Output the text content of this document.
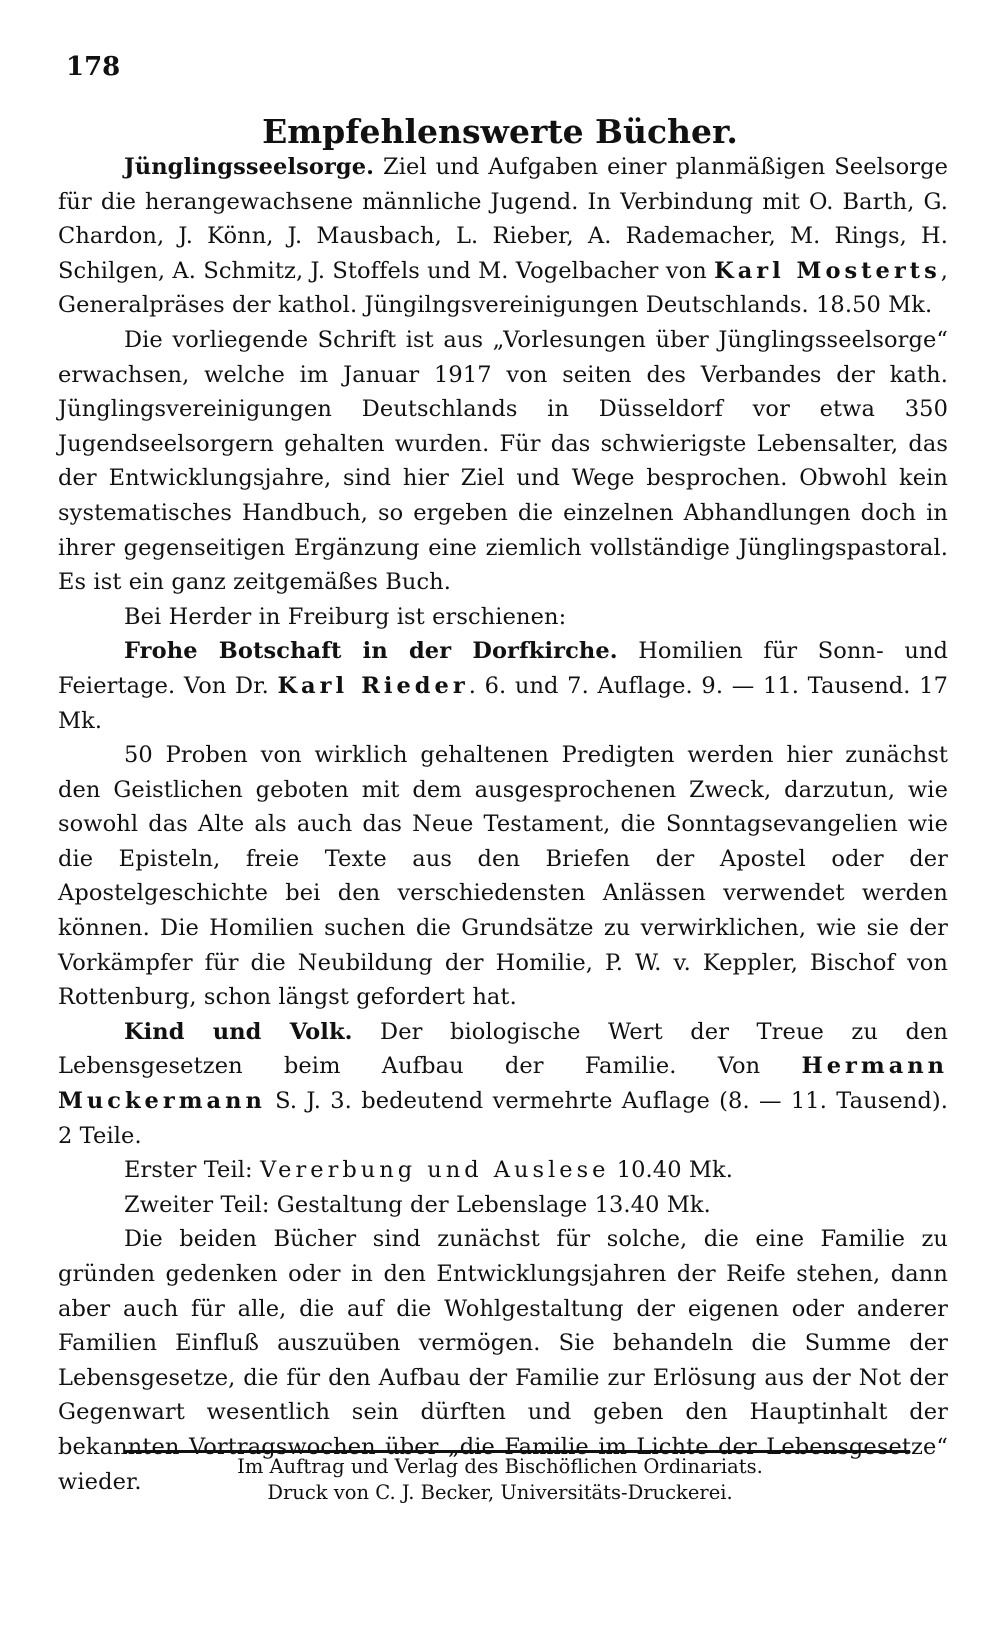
178
Empfehlenswerte Bücher.

Jünglingsseelsorge. Ziel und Aufgaben einer planmäßigen Seelsorge für die herangewachsene männliche Jugend. In Verbindung mit O. Barth, G. Chardon, J. Könn, J. Mausbach, L. Rieber, A. Rademacher, M. Rings, H. Schilgen, A. Schmitz, J. Stoffels und M. Vogelbacher von Karl Mosterts, Generalpräses der kathol. Jüngilngsvereinigungen Deutschlands. 18.50 Mk.

Die vorliegende Schrift ist aus „Vorlesungen über Jünglingsseelsorge“ erwachsen, welche im Januar 1917 von seiten des Verbandes der kath. Jünglingsvereinigungen Deutschlands in Düsseldorf vor etwa 350 Jugendseelsorgern gehalten wurden. Für das schwierigste Lebensalter, das der Entwicklungsjahre, sind hier Ziel und Wege besprochen. Obwohl kein systematisches Handbuch, so ergeben die einzelnen Abhandlungen doch in ihrer gegenseitigen Ergänzung eine ziemlich vollständige Jünglingspastoral. Es ist ein ganz zeitgemäßes Buch.

Bei Herder in Freiburg ist erschienen:

Frohe Botschaft in der Dorfkirche. Homilien für Sonn- und Feiertage. Von Dr. Karl Rieder. 6. und 7. Auflage. 9. — 11. Tausend. 17 Mk.

50 Proben von wirklich gehaltenen Predigten werden hier zunächst den Geistlichen geboten mit dem ausgesprochenen Zweck, darzutun, wie sowohl das Alte als auch das Neue Testament, die Sonntagsevangelien wie die Episteln, freie Texte aus den Briefen der Apostel oder der Apostelgeschichte bei den verschiedensten Anlässen verwendet werden können. Die Homilien suchen die Grundsätze zu verwirklichen, wie sie der Vorkämpfer für die Neubildung der Homilie, P. W. v. Keppler, Bischof von Rottenburg, schon längst gefordert hat.

Kind und Volk. Der biologische Wert der Treue zu den Lebensgesetzen beim Aufbau der Familie. Von Hermann Muckermann S. J. 3. bedeutend vermehrte Auflage (8. — 11. Tausend). 2 Teile.

Erster Teil: Vererbung und Auslese 10.40 Mk.

Zweiter Teil: Gestaltung der Lebenslage 13.40 Mk.

Die beiden Bücher sind zunächst für solche, die eine Familie zu gründen gedenken oder in den Entwicklungsjahren der Reife stehen, dann aber auch für alle, die auf die Wohlgestaltung der eigenen oder anderer Familien Einfluß auszuüben vermögen. Sie behandeln die Summe der Lebensgesetze, die für den Aufbau der Familie zur Erlösung aus der Not der Gegenwart wesentlich sein dürften und geben den Hauptinhalt der bekannten Vortragswochen über „die Familie im Lichte der Lebensgesetze“ wieder.

Im Auftrag und Verlag des Bischöflichen Ordinariats.
Druck von C. J. Becker, Universitäts-Druckerei.
